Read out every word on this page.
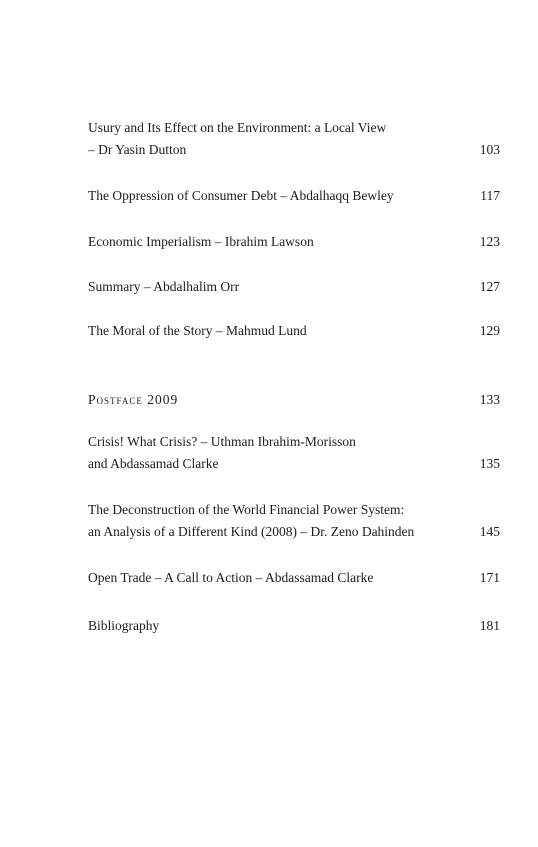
Usury and Its Effect on the Environment: a Local View
– Dr Yasin Dutton	103
The Oppression of Consumer Debt – Abdalhaqq Bewley	117
Economic Imperialism – Ibrahim Lawson	123
Summary – Abdalhalim Orr	127
The Moral of the Story – Mahmud Lund	129
Postface 2009	133
Crisis! What Crisis? – Uthman Ibrahim-Morisson
and Abdassamad Clarke	135
The Deconstruction of the World Financial Power System:
an Analysis of a Different Kind (2008) – Dr. Zeno Dahinden	145
Open Trade – A Call to Action – Abdassamad Clarke	171
Bibliography	181
